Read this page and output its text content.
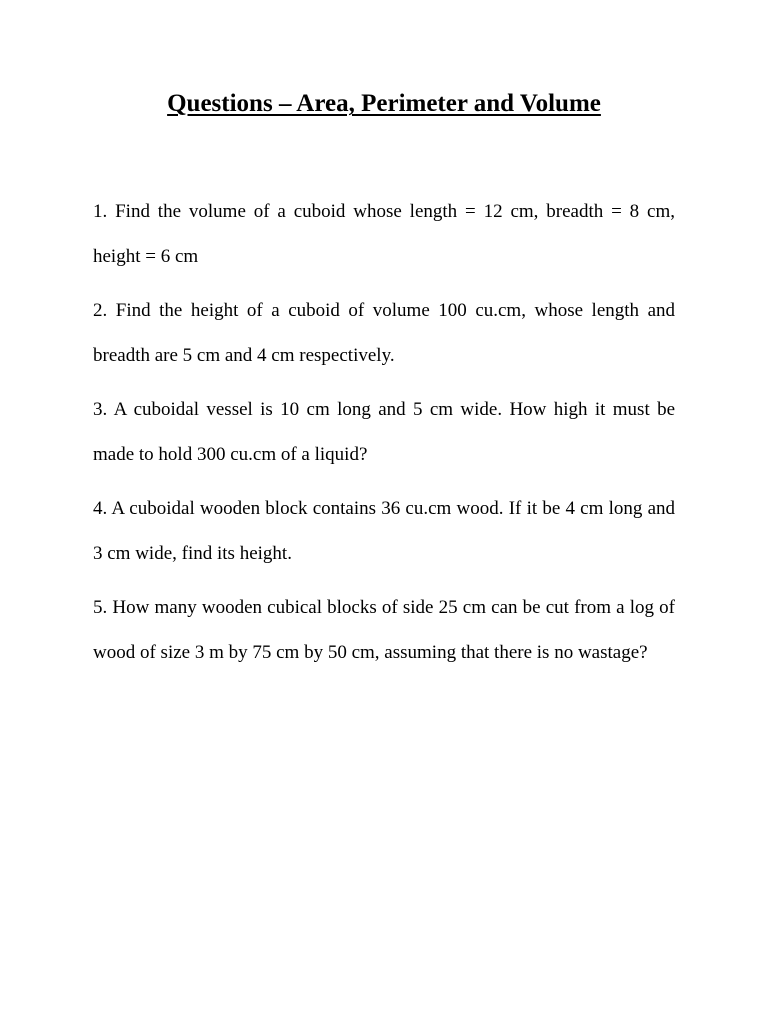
Questions – Area, Perimeter and Volume
1. Find the volume of a cuboid whose length = 12 cm, breadth = 8 cm, height = 6 cm
2. Find the height of a cuboid of volume 100 cu.cm, whose length and breadth are 5 cm and 4 cm respectively.
3. A cuboidal vessel is 10 cm long and 5 cm wide. How high it must be made to hold 300 cu.cm of a liquid?
4. A cuboidal wooden block contains 36 cu.cm wood. If it be 4 cm long and 3 cm wide, find its height.
5. How many wooden cubical blocks of side 25 cm can be cut from a log of wood of size 3 m by 75 cm by 50 cm, assuming that there is no wastage?
